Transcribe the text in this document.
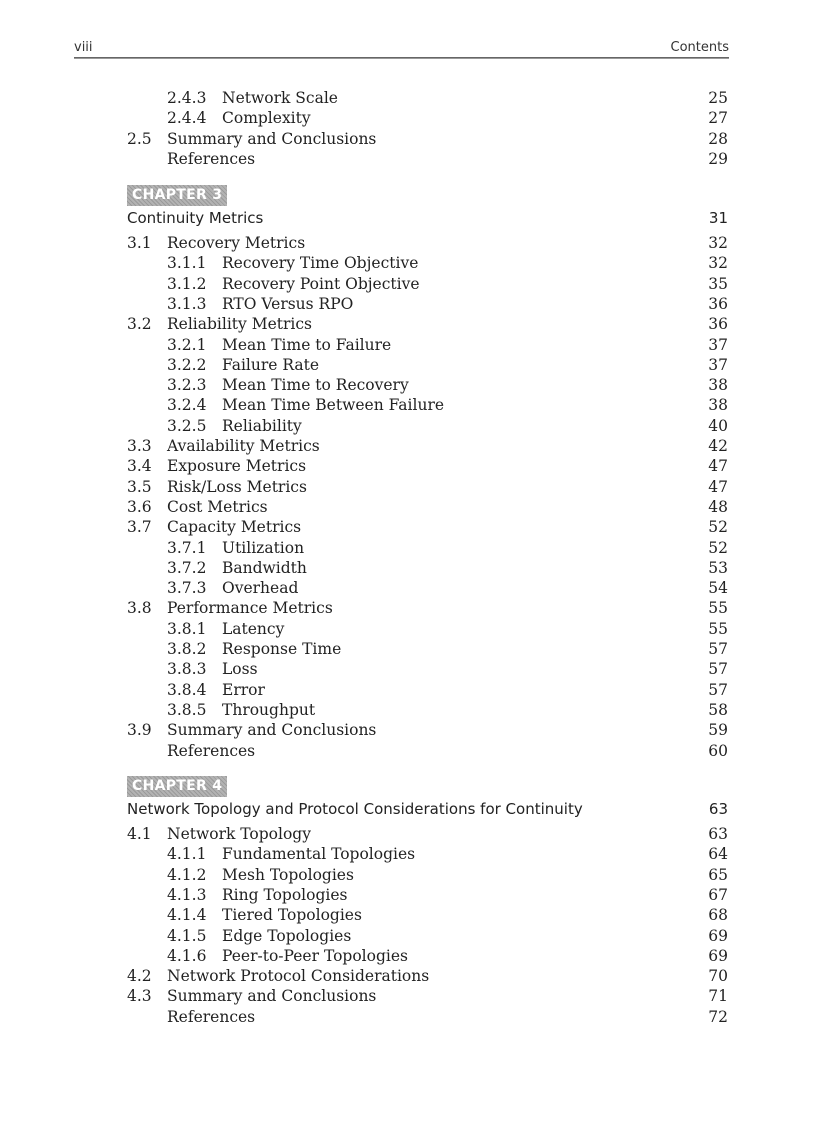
viii	Contents
2.4.3 Network Scale	25
2.4.4 Complexity	27
2.5 Summary and Conclusions	28
References	29
CHAPTER 3
Continuity Metrics	31
3.1 Recovery Metrics	32
3.1.1 Recovery Time Objective	32
3.1.2 Recovery Point Objective	35
3.1.3 RTO Versus RPO	36
3.2 Reliability Metrics	36
3.2.1 Mean Time to Failure	37
3.2.2 Failure Rate	37
3.2.3 Mean Time to Recovery	38
3.2.4 Mean Time Between Failure	38
3.2.5 Reliability	40
3.3 Availability Metrics	42
3.4 Exposure Metrics	47
3.5 Risk/Loss Metrics	47
3.6 Cost Metrics	48
3.7 Capacity Metrics	52
3.7.1 Utilization	52
3.7.2 Bandwidth	53
3.7.3 Overhead	54
3.8 Performance Metrics	55
3.8.1 Latency	55
3.8.2 Response Time	57
3.8.3 Loss	57
3.8.4 Error	57
3.8.5 Throughput	58
3.9 Summary and Conclusions	59
References	60
CHAPTER 4
Network Topology and Protocol Considerations for Continuity	63
4.1 Network Topology	63
4.1.1 Fundamental Topologies	64
4.1.2 Mesh Topologies	65
4.1.3 Ring Topologies	67
4.1.4 Tiered Topologies	68
4.1.5 Edge Topologies	69
4.1.6 Peer-to-Peer Topologies	69
4.2 Network Protocol Considerations	70
4.3 Summary and Conclusions	71
References	72
